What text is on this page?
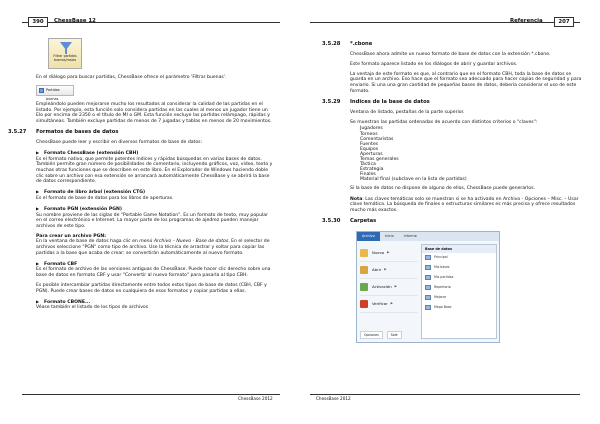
390	ChessBase 12
Filtrar partidas buenas/malas

En el diálogo para buscar partidas, ChessBase ofrece el parámetro 'Filtrar buenas'.

Partidas buenas

Empleándolo pueden mejorarse mucho los resultados al considerar la calidad de las partidas en el listado. Por ejemplo, esta función solo considera partidas en las cuales al menos un jugador tiene un Elo por encima de 2350 o el título de MI o GM. Esta función excluye las partidas relámpago, rápidas y simultáneas. También excluye partidas de menos de 7 jugadas y tablas en menos de 20 movimientos.

3.5.27	Formatos de bases de datos

ChessBase puede leer y escribir en diversos formatos de base de datos:

▶ Formato ChessBase (extensión CBH)

Es el formato nativo, que permite potentes índices y rápidas búsquedas en varias bases de datos. También permite gran número de posibilidades de comentario, incluyendo gráficos, voz, vídeo, texto y muchas otras funciones que se describen en este libro. En el Explorador de Windows haciendo doble clic sobre un archivo con esa extensión se arrancará automáticamente ChessBase y se abrirá la base de datos correspondiente.

▶ Formato de libro árbol (extensión CTG)

Es el formato de base de datos para los libros de aperturas.

▶ Formato PGN (extensión PGN)

Su nombre proviene de las siglas de "Portable Game Notation". Es un formato de texto, muy popular en el correo electrónico e Internet. La mayor parte de los programas de ajedrez pueden manejar archivos de este tipo.

Para crear un archivo PGN:

En la ventana de base de datos haga clic en menú Archivo – Nuevo - Base de datos. En el selector de archivos seleccione "PGN" como tipo de archivo. Use la técnica de arrastrar y soltar para copiar las partidas a la base que acaba de crear: se convertirán automáticamente al nuevo formato.

▶ Formato CBF

Es el formato de archivo de las versiones antiguas de ChessBase. Puede hacer clic derecho sobre una base de datos en formato CBF y usar "Convertir al nuevo formato" para pasarla al tipo CBH.

Es posible intercambiar partidas directamente entre todos estos tipos de base de datos (CBH, CBF y PGN). Puede crear bases de datos en cualquiera de esos formatos y copiar partidas a ellas.

▶ Formato CBONE...

Véase también el listado de los tipos de archivos

ChessBase 2012
Referencia	207
3.5.28	*.cbone

ChessBase ahora admite un nuevo formato de base de datos con la extensión *.cbone.

Este formato aparece listado en los diálogos de abrir y guardar archivos.

La ventaja de este formato es que, al contrario que en el formato CBH, toda la base de datos se guarda en un archivo. Eso hace que el formato sea adecuado para hacer copias de seguridad y para enviarlo. Si una una gran cantidad de pequeñas bases de datos, debería considerar el uso de este formato.

3.5.29	Indices de la base de datos

Ventana de listado, pestañas de la parte superior.

Se muestran las partidas ordenadas de acuerdo con distintos criterios o "claves":

Jugadores
Torneos
Comentaristas
Fuentes
Equipos
Aperturas
Temas generales
Táctica
Estrategia
Finales
Material final (subclave en la lista de partidas)

Si la base de datos no dispone de alguno de ellos, ChessBase puede generarlos.

Nota: Las claves temáticas solo se muestran si se ha activado en Archivo - Opciones – Misc. – Usar clave temática. La búsqueda de finales o estructuras similares es más precisa y ofrece resultados mucho más exactos.

3.5.30	Carpetas
Archivo	Inicio	Informe
Nuevo ▶
Abrir ▶
Activación ▶
Verificar ▶
Base de datos
Principal
Mis bases
Mis partidas
Repertorio
Mejorar
Mega Base
Opciones	Salir
ChessBase 2012
